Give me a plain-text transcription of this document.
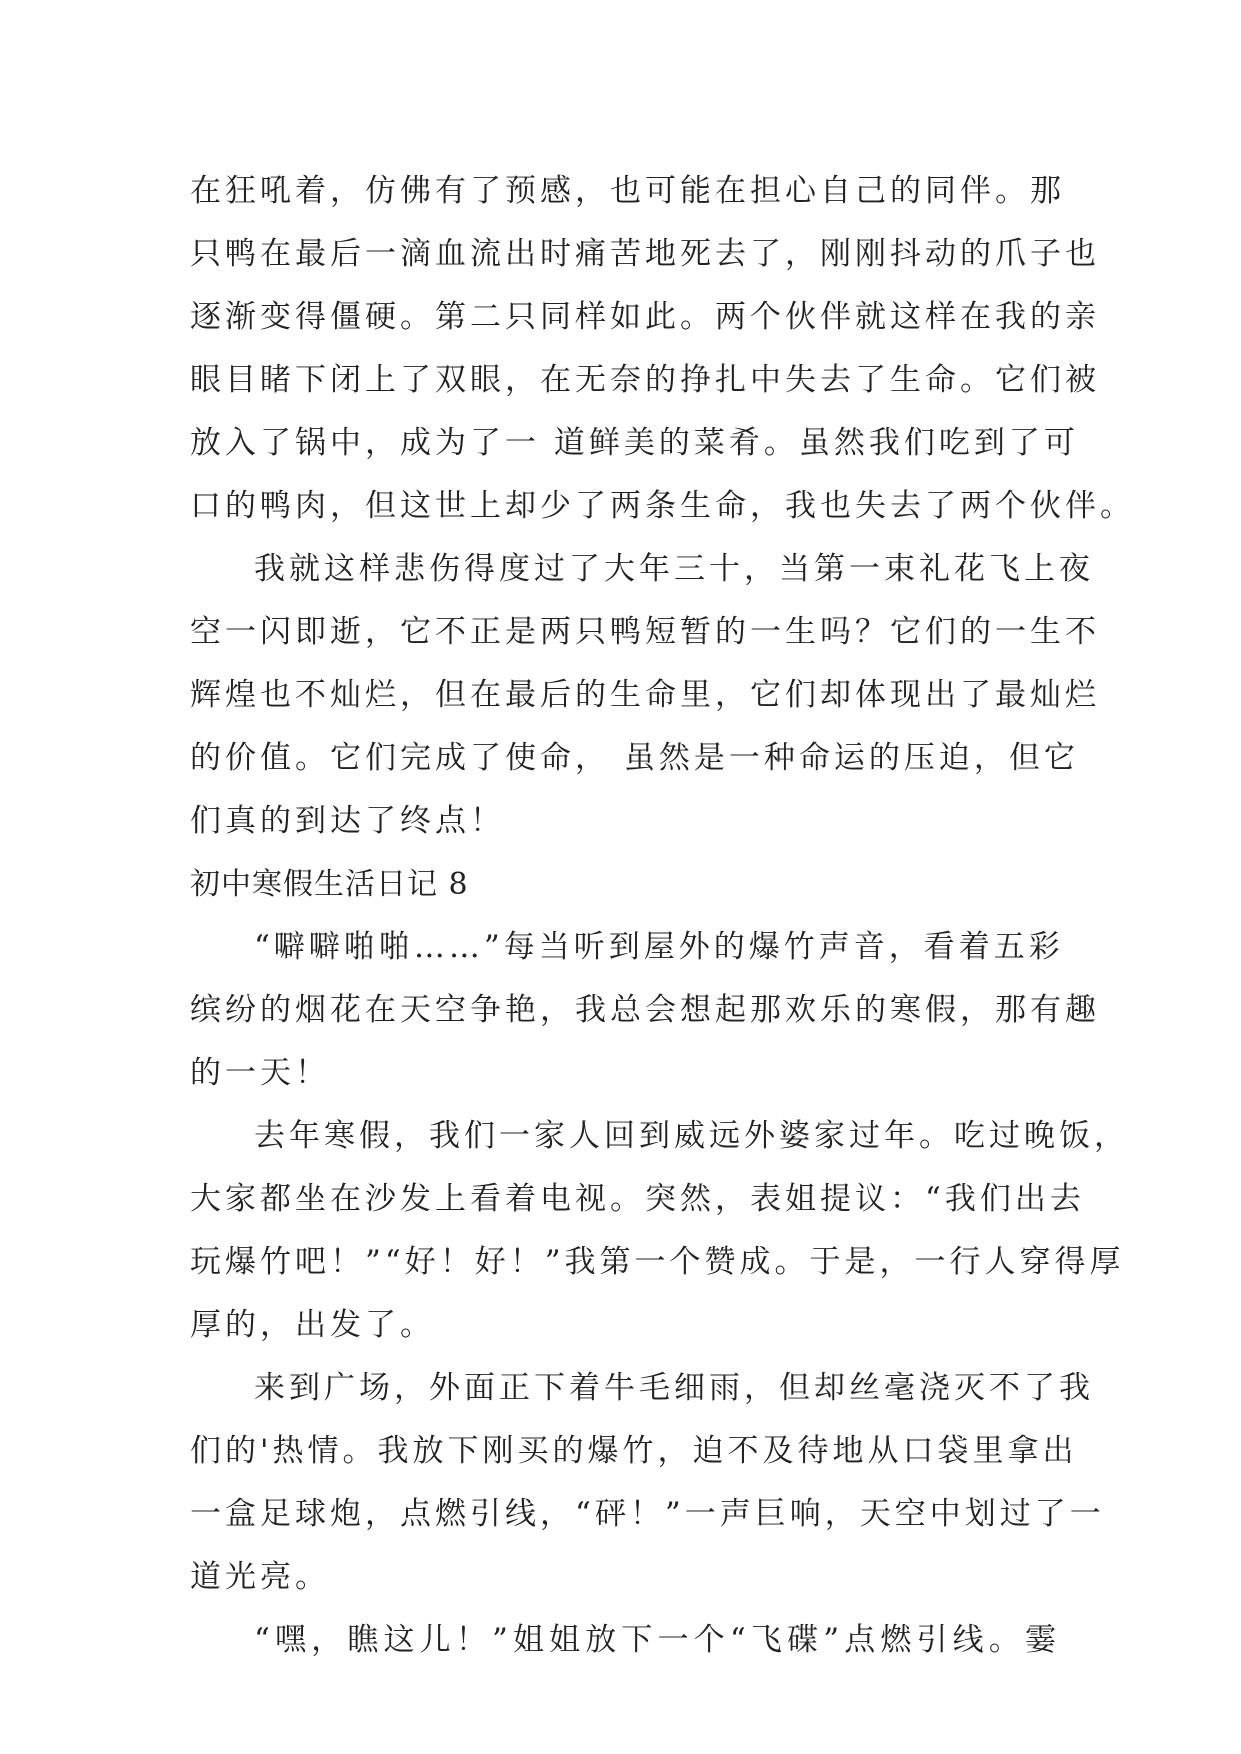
在狂吼着，仿佛有了预感，也可能在担心自己的同伴。那
只鸭在最后一滴血流出时痛苦地死去了，刚刚抖动的爪子也
逐渐变得僵硬。第二只同样如此。两个伙伴就这样在我的亲
眼目睹下闭上了双眼，在无奈的挣扎中失去了生命。它们被
放入了锅中，成为了一 道鲜美的菜肴。虽然我们吃到了可
口的鸭肉，但这世上却少了两条生命，我也失去了两个伙伴。
我就这样悲伤得度过了大年三十，当第一束礼花飞上夜
空一闪即逝，它不正是两只鸭短暂的一生吗？它们的一生不
辉煌也不灿烂，但在最后的生命里，它们却体现出了最灿烂
的价值。它们完成了使命， 虽然是一种命运的压迫，但它
们真的到达了终点！
初中寒假生活日记 8
“噼噼啪啪……”每当听到屋外的爆竹声音，看着五彩
缤纷的烟花在天空争艳，我总会想起那欢乐的寒假，那有趣
的一天！
去年寒假，我们一家人回到威远外婆家过年。吃过晚饭，
大家都坐在沙发上看着电视。突然，表姐提议：“我们出去
玩爆竹吧！”“好！好！”我第一个赞成。于是，一行人穿得厚
厚的，出发了。
来到广场，外面正下着牛毛细雨，但却丝毫浇灭不了我
们的'热情。我放下刚买的爆竹，迫不及待地从口袋里拿出
一盒足球炮，点燃引线，“砰！”一声巨响，天空中划过了一
道光亮。
“嘿，瞧这儿！”姐姐放下一个“飞碟”点燃引线。霎
